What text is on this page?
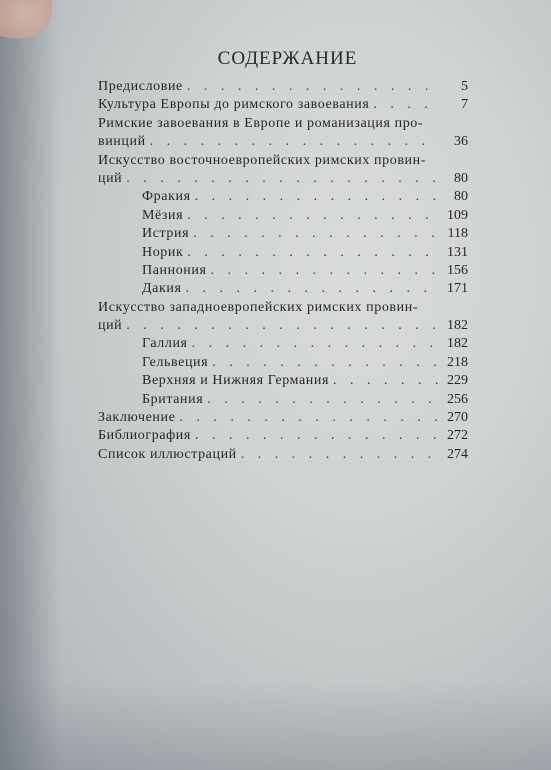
СОДЕРЖАНИЕ
Предисловие . . .	5
Культура Европы до римского завоевания . . .	7
Римские завоевания в Европе и романизация про-
винций . . .	36
Искусство восточноевропейских римских провин-
ций . . .	80
Фракия . . .	80
Мёзия . . .	109
Истрия . . .	118
Норик . . .	131
Паннония . . .	156
Дакия . . .	171
Искусство западноевропейских римских провин-
ций . . .	182
Галлия . . .	182
Гельвеция . . .	218
Верхняя и Нижняя Германия . . .	229
Британия . . .	256
Заключение . . .	270
Библиография . . .	272
Список иллюстраций . . .	274
